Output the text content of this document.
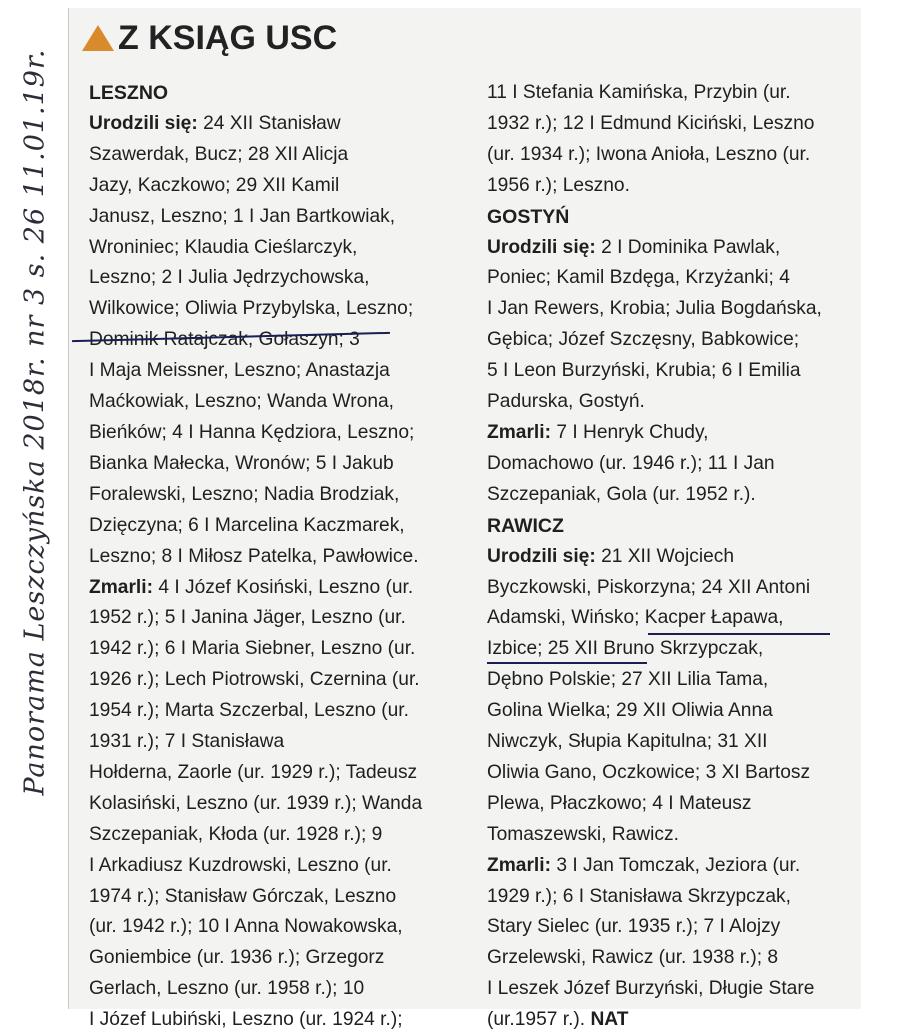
Panorama Leszczyńska 2018r. nr 3 s. 26 11.01.19r.
Z KSIĄG USC

LESZNO

Urodzili się: 24 XII Stanisław
Szawerdak, Bucz; 28 XII Alicja
Jazy, Kaczkowo; 29 XII Kamil
Janusz, Leszno; 1 I Jan Bartkowiak,
Wroniniec; Klaudia Cieślarczyk,
Leszno; 2 I Julia Jędrzychowska,
Wilkowice; Oliwia Przybylska, Leszno;
Dominik Ratajczak, Gołaszyn; 3
I Maja Meissner, Leszno; Anastazja
Maćkowiak, Leszno; Wanda Wrona,
Bieńków; 4 I Hanna Kędziora, Leszno;
Bianka Małecka, Wronów; 5 I Jakub
Foralewski, Leszno; Nadia Brodziak,
Dzięczyna; 6 I Marcelina Kaczmarek,
Leszno; 8 I Miłosz Patelka, Pawłowice.

Zmarli: 4 I Józef Kosiński, Leszno (ur.
1952 r.); 5 I Janina Jäger, Leszno (ur.
1942 r.); 6 I Maria Siebner, Leszno (ur.
1926 r.); Lech Piotrowski, Czernina (ur.
1954 r.); Marta Szczerbal, Leszno (ur.
1931 r.); 7 I Stanisława
Hołderna, Zaorle (ur. 1929 r.); Tadeusz
Kolasiński, Leszno (ur. 1939 r.); Wanda
Szczepaniak, Kłoda (ur. 1928 r.); 9
I Arkadiusz Kuzdrowski, Leszno (ur.
1974 r.); Stanisław Górczak, Leszno
(ur. 1942 r.); 10 I Anna Nowakowska,
Goniembice (ur. 1936 r.); Grzegorz
Gerlach, Leszno (ur. 1958 r.); 10
I Józef Lubiński, Leszno (ur. 1924 r.);

11 I Stefania Kamińska, Przybin (ur.
1932 r.); 12 I Edmund Kiciński, Leszno
(ur. 1934 r.); Iwona Anioła, Leszno (ur.
1956 r.); Leszno.

GOSTYŃ

Urodzili się: 2 I Dominika Pawlak,
Poniec; Kamil Bzdęga, Krzyżanki; 4
I Jan Rewers, Krobia; Julia Bogdańska,
Gębica; Józef Szczęsny, Babkowice;
5 I Leon Burzyński, Krubia; 6 I Emilia
Padurska, Gostyń.

Zmarli: 7 I Henryk Chudy,
Domachowo (ur. 1946 r.); 11 I Jan
Szczepaniak, Gola (ur. 1952 r.).

RAWICZ

Urodzili się: 21 XII Wojciech
Byczkowski, Piskorzyna; 24 XII Antoni
Adamski, Wińsko; Kacper Łapawa,
Izbice; 25 XII Bruno Skrzypczak,
Dębno Polskie; 27 XII Lilia Tama,
Golina Wielka; 29 XII Oliwia Anna
Niwczyk, Słupia Kapitulna; 31 XII
Oliwia Gano, Oczkowice; 3 XI Bartosz
Plewa, Płaczkowo; 4 I Mateusz
Tomaszewski, Rawicz.

Zmarli: 3 I Jan Tomczak, Jeziora (ur.
1929 r.); 6 I Stanisława Skrzypczak,
Stary Sielec (ur. 1935 r.); 7 I Alojzy
Grzelewski, Rawicz (ur. 1938 r.); 8
I Leszek Józef Burzyński, Długie Stare
(ur.1957 r.). NAT
